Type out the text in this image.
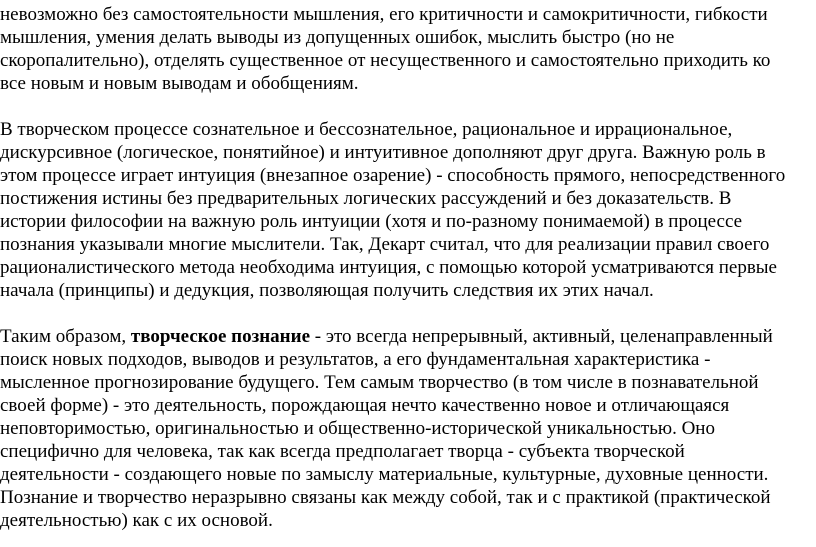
невозможно без самостоятельности мышления, его критичности и самокритичности, гибкости
мышления, умения делать выводы из допущенных ошибок, мыслить быстро (но не
скоропалительно), отделять существенное от несущественного и самостоятельно приходить ко
все новым и новым выводам и обобщениям.
В творческом процессе сознательное и бессознательное, рациональное и иррациональное,
дискурсивное (логическое, понятийное) и интуитивное дополняют друг друга. Важную роль в
этом процессе играет интуиция (внезапное озарение) - способность прямого, непосредственного
постижения истины без предварительных логических рассуждений и без доказательств. В
истории философии на важную роль интуиции (хотя и по-разному понимаемой) в процессе
познания указывали многие мыслители. Так, Декарт считал, что для реализации правил своего
рационалистического метода необходима интуиция, с помощью которой усматриваются первые
начала (принципы) и дедукция, позволяющая получить следствия их этих начал.
Таким образом, творческое познание - это всегда непрерывный, активный, целенаправленный
поиск новых подходов, выводов и результатов, а его фундаментальная характеристика -
мысленное прогнозирование будущего. Тем самым творчество (в том числе в познавательной
своей форме) - это деятельность, порождающая нечто качественно новое и отличающаяся
неповторимостью, оригинальностью и общественно-исторической уникальностью. Оно
специфично для человека, так как всегда предполагает творца - субъекта творческой
деятельности - создающего новые по замыслу материальные, культурные, духовные ценности.
Познание и творчество неразрывно связаны как между собой, так и с практикой (практической
деятельностью) как с их основой.
